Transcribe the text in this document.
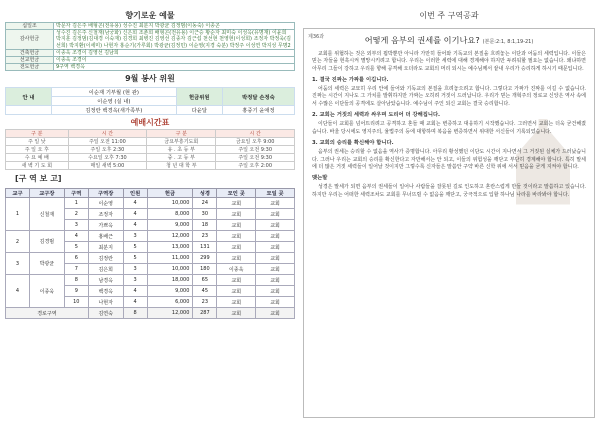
향기로운 예물
십일조	박문자 김은주 배형곤(전유용) 성수진 최분지 박광균 김정범(이동숙) 이종곤
감사헌금	성수진 김은주 신철재(남궁화) 신은희 조춘희 배형곤(전유용) 이근승 황순자 최미숙 이성옥(유명재) 이윤희 박지훈 김정범(김대경 이숙재) 김경희 최병진 김영선 김종자 김근섭 천선현 천영현(이성희) 조정자 박정욱(김선희) 박지환(이세미) 나현자 홍순기(가루회) 박광균(김정민) 이순영(지경 숙분) 박정주 이성연 박지성 무명2
건축헌금	이종욱 조경이 김영선 김남희
선교헌금	이종욱 조경이
전도헌금	9구역 백경옥
9월 봉사 위원
안 내	이순재 기부월 (현 관)	헌금위원	박정달 손정숙
	이순영 (실 내)		
	김정란 백경옥(새가족부)	다윤달	홍중기 윤애정
예배시간표
구 분	시 간	구 분	시 간
주 일 낮	주일 오전 11:00	금요부흥기도회	금요일 오후 9:00
주 일 오 후	주일 오후 2:30	유 . 초 등 부	주일 오전 9:30
수 요 예 배	수요일 오후 7:30	중 . 고 등 부	주일 오전 9:30
새 벽 기 도 회	매일 새벽 5:00	청 년 대 학 부	주일 오후 2:00
[구 역 보 고]
교구	교구장	구역	구역장	인원	헌금	성경	모인 곳	모일 곳
1	신철재	1	이순영	4	10,000	24	교회	교회
		2	조정자	4	8,000	30	교회	교회
		3	가쁘옥	4	9,000	18	교회	교회
2	김경범	4	홍배근	3	12,000	23	교회	교회
		5	최분지	5	13,000	131	교회	교회
3	박광균	6	김정란	5	11,000	299	교회	교회
		7	김은희	3	10,000	180	이종욱	교회
4	이종욱	8	남경옥	3	18,000	65	교회	교회
		9	백경옥	4	9,000	45	교회	교회
		10	나현자	4	6,000	23	교회	교회
경로구역			김연숙	8	12,000	287	교회	교회
이번 주 구역공과
제36과	어떻게 음부의 권세를 이기나요? (본문:2:1, 8:1,19-21)

교회를 위협하는 것은 외부의 핍박뿐만 아니라 가만히 들어와 기독교의 본질을 흐려놓는 이단과 어둠의 세력입니다. 이들은 믿는 자들을 현혹시켜 멸망시키려고 합니다. 우리는 이러한 세력에 대해 경계해야 하지만 두려워할 필요는 없습니다. 왜냐하면 아무리 그들이 강하고 우리를 향해 공격해 오더라도 교회의 머리 되시는 예수님께서 끝내 우리가 승리하게 하시기 때문입니다.

1. 결국 진짜는 가짜를 이깁니다.

어둠의 세력은 교묘히 우리 안에 들어와 기독교의 본질을 흐려놓으려고 합니다. 그렇다고 가짜가 진짜를 이길 수 없습니다. 진짜는 시간이 지나도 그 가치를 발휘하지만 가짜는 오히려 거짓이 드러납니다. 우리가 믿는 개혁주의 정로교 신앙은 역사 속에서 수많은 이단들의 공격에도 살아남았습니다. 예수님이 주인 되신 교회는 결국 승리합니다.

2. 교회는 거짓의 세력과 싸우며 도리어 더 강해집니다.

이단들이 교회를 넘어뜨리려고 공격하고 혼들 때 교회는 변증하고 대응하기 시작했습니다. 그러면서 교회는 더욱 굳건해졌습니다. 바울 당시에도 영지주의, 율법주의 등에 대항하며 복음을 변증하면서 위대한 서신들이 기록되었습니다.

3. 교회의 승리를 확신해야 합니다.

음부의 권세는 승리할 수 없음을 역사가 증명합니다. 아무리 황성했던 이단도 시간이 지나면서 그 거짓된 실체가 드러났습니다. 그러나 우리는 교회의 승리를 확신한다고 자만해서는 안 되고, 이들의 위험성을 깨닫고 부단히 경계해야 합니다. 특히 말세에 더 많은 거짓 세력들이 일어날 것이지만 그렇수록 신자들은 말씀안 구약 바른 신학 위에 서서 믿음을 굳게 지켜야 합니다.

맺는말

성경은 말세가 되면 음부의 권세들이 일어나 사람들을 잘못된 길로 인도하고 혼란스럽게 만들 것이라고 말씀하고 있습니다. 하지만 우리는 어떠한 세력조차도 교회를 무너뜨릴 수 없음을 깨닫고, 궁극적으로 입할 하나님 나라를 바라봐야 합니다.
